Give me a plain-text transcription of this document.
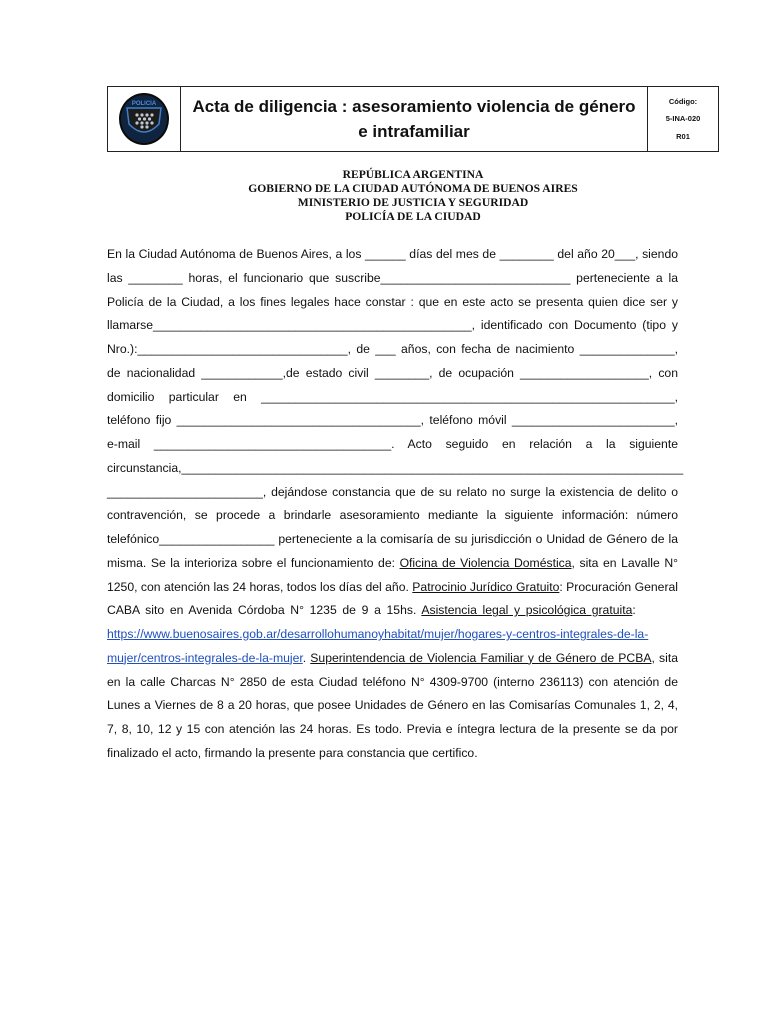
POLICIA	Acta de diligencia : asesoramiento violencia de género e intrafamiliar
Código:
5-INA-020
R01
REPÚBLICA ARGENTINA
GOBIERNO DE LA CIUDAD AUTÓNOMA DE BUENOS AIRES
MINISTERIO DE JUSTICIA Y SEGURIDAD
POLICÍA DE LA CIUDAD

En la Ciudad Autónoma de Buenos Aires, a los ______ días del mes de ________ del año 20___, siendo las ________ horas, el funcionario que suscribe____________________________ perteneciente a la Policía de la Ciudad, a los fines legales hace constar : que en este acto se presenta quien dice ser y llamarse_______________________________________________, identificado con Documento (tipo y Nro.):_______________________________, de ___ años, con fecha de nacimiento ______________, de nacionalidad ____________,de estado civil ________, de ocupación ___________________, con domicilio particular en _____________________________________________________________, teléfono fijo ____________________________________, teléfono móvil ________________________, e-mail ___________________________________. Acto seguido en relación a la siguiente circunstancia,__________________________________________________________________________ _______________________, dejándose constancia que de su relato no surge la existencia de delito o contravención, se procede a brindarle asesoramiento mediante la siguiente información: número telefónico_________________ perteneciente a la comisaría de su jurisdicción o Unidad de Género de la misma. Se la interioriza sobre el funcionamiento de: Oficina de Violencia Doméstica, sita en Lavalle N° 1250, con atención las 24 horas, todos los días del año. Patrocinio Jurídico Gratuito: Procuración General CABA sito en Avenida Córdoba N° 1235 de 9 a 15hs. Asistencia legal y psicológica gratuita:    https://www.buenosaires.gob.ar/desarrollohumanoyhabitat/mujer/hogares-y-centros-integrales-de-la-mujer/centros-integrales-de-la-mujer. Superintendencia de Violencia Familiar y de Género de PCBA, sita en la calle Charcas N° 2850 de esta Ciudad teléfono N° 4309-9700 (interno 236113) con atención de Lunes a Viernes de 8 a 20 horas, que posee Unidades de Género en las Comisarías Comunales 1, 2, 4, 7, 8, 10, 12 y 15 con atención las 24 horas. Es todo. Previa e íntegra lectura de la presente se da por finalizado el acto, firmando la presente para constancia que certifico.
